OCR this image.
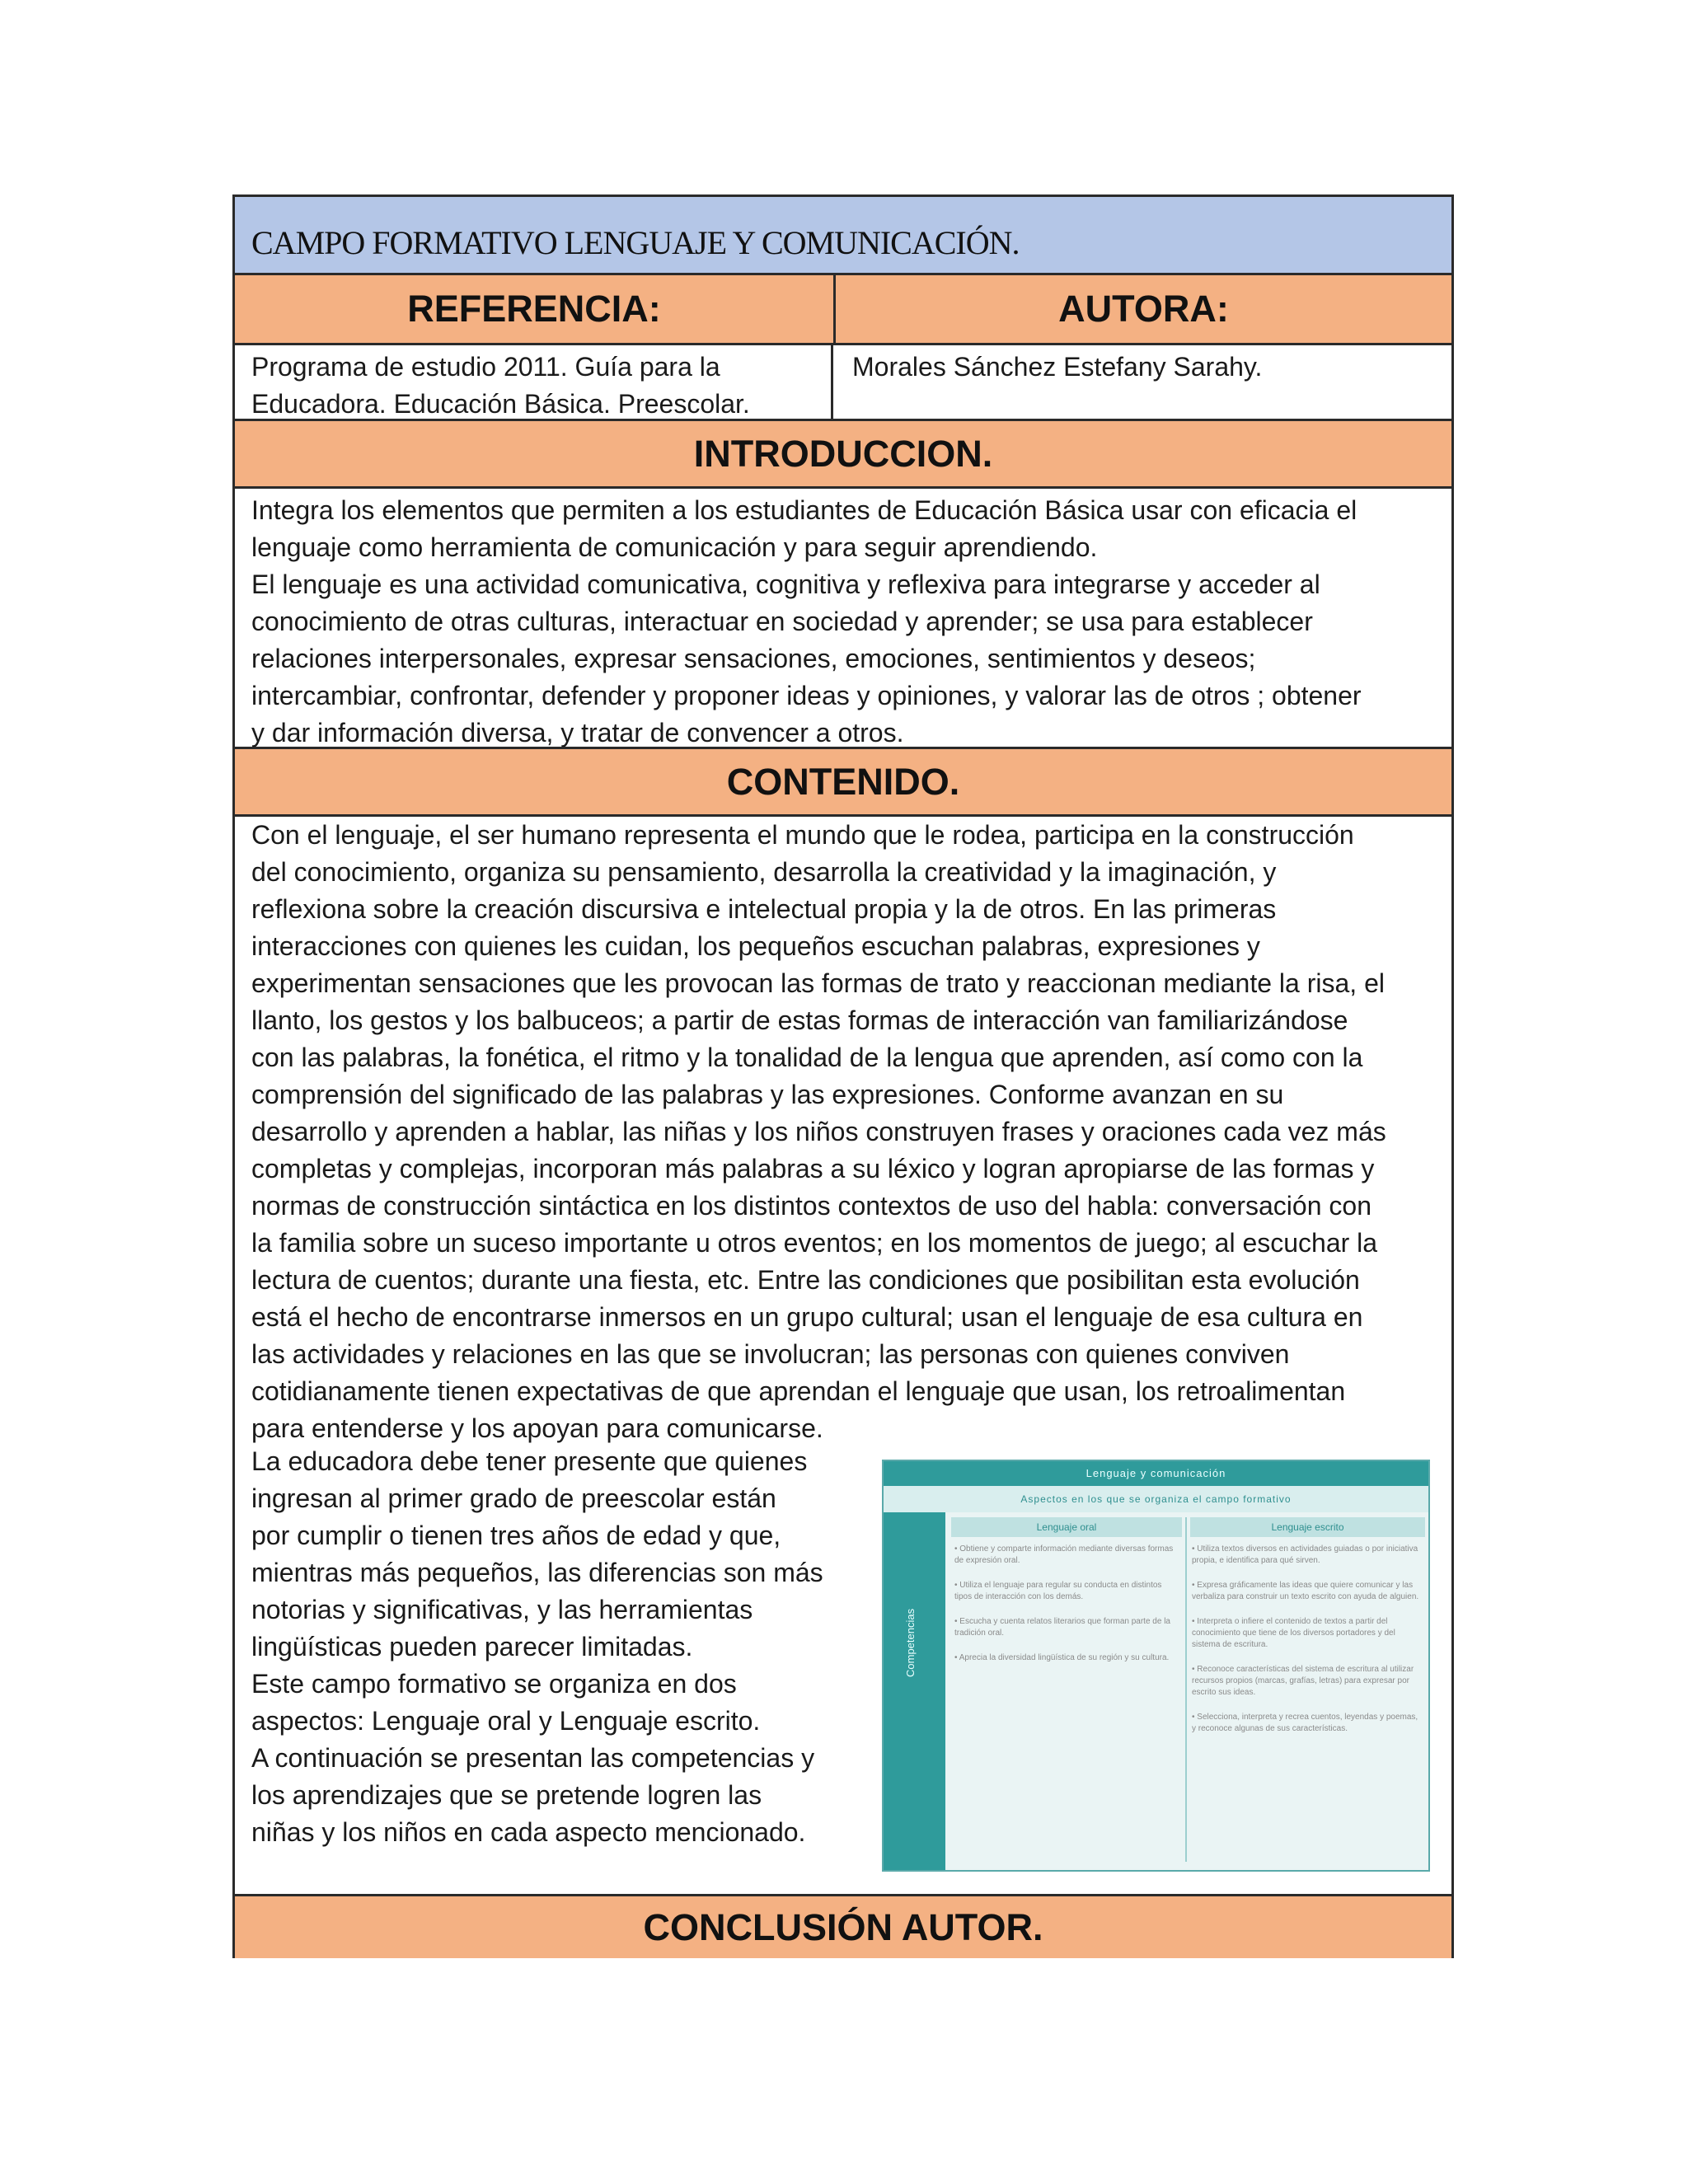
CAMPO FORMATIVO LENGUAJE Y COMUNICACIÓN.
REFERENCIA:	AUTORA:
Programa de estudio 2011. Guía para la
Educadora. Educación Básica. Preescolar.
Morales Sánchez Estefany Sarahy.
INTRODUCCION.
Integra los elementos que permiten a los estudiantes de Educación Básica usar con eficacia el
lenguaje como herramienta de comunicación y para seguir aprendiendo.
El lenguaje es una actividad comunicativa, cognitiva y reflexiva para integrarse y acceder al
conocimiento de otras culturas, interactuar en sociedad y aprender; se usa para establecer
relaciones interpersonales, expresar sensaciones, emociones, sentimientos y deseos;
intercambiar, confrontar, defender y proponer ideas y opiniones, y valorar las de otros ; obtener
y dar información diversa, y tratar de convencer a otros.
CONTENIDO.
Con el lenguaje, el ser humano representa el mundo que le rodea, participa en la construcción
del conocimiento, organiza su pensamiento, desarrolla la creatividad y la imaginación, y
reflexiona sobre la creación discursiva e intelectual propia y la de otros. En las primeras
interacciones con quienes les cuidan, los pequeños escuchan palabras, expresiones y
experimentan sensaciones que les provocan las formas de trato y reaccionan mediante la risa, el
llanto, los gestos y los balbuceos; a partir de estas formas de interacción van familiarizándose
con las palabras, la fonética, el ritmo y la tonalidad de la lengua que aprenden, así como con la
comprensión del significado de las palabras y las expresiones. Conforme avanzan en su
desarrollo y aprenden a hablar, las niñas y los niños construyen frases y oraciones cada vez más
completas y complejas, incorporan más palabras a su léxico y logran apropiarse de las formas y
normas de construcción sintáctica en los distintos contextos de uso del habla: conversación con
la familia sobre un suceso importante u otros eventos; en los momentos de juego; al escuchar la
lectura de cuentos; durante una fiesta, etc. Entre las condiciones que posibilitan esta evolución
está el hecho de encontrarse inmersos en un grupo cultural; usan el lenguaje de esa cultura en
las actividades y relaciones en las que se involucran; las personas con quienes conviven
cotidianamente tienen expectativas de que aprendan el lenguaje que usan, los retroalimentan
para entenderse y los apoyan para comunicarse.
La educadora debe tener presente que quienes
ingresan al primer grado de preescolar están
por cumplir o tienen tres años de edad y que,
mientras más pequeños, las diferencias son más
notorias y significativas, y las herramientas
lingüísticas pueden parecer limitadas.
Este campo formativo se organiza en dos
aspectos: Lenguaje oral y Lenguaje escrito.
A continuación se presentan las competencias y
los aprendizajes que se pretende logren las
niñas y los niños en cada aspecto mencionado.
Lenguaje y comunicación
Aspectos en los que se organiza el campo formativo
Competencias
Lenguaje oral	Lenguaje escrito
• Obtiene y comparte información mediante diversas formas de expresión oral.
• Utiliza el lenguaje para regular su conducta en distintos tipos de interacción con los demás.
• Escucha y cuenta relatos literarios que forman parte de la tradición oral.
• Aprecia la diversidad lingüística de su región y su cultura.
• Utiliza textos diversos en actividades guiadas o por iniciativa propia, e identifica para qué sirven.
• Expresa gráficamente las ideas que quiere comunicar y las verbaliza para construir un texto escrito con ayuda de alguien.
• Interpreta o infiere el contenido de textos a partir del conocimiento que tiene de los diversos portadores y del sistema de escritura.
• Reconoce características del sistema de escritura al utilizar recursos propios (marcas, grafías, letras) para expresar por escrito sus ideas.
• Selecciona, interpreta y recrea cuentos, leyendas y poemas, y reconoce algunas de sus características.
CONCLUSIÓN AUTOR.
